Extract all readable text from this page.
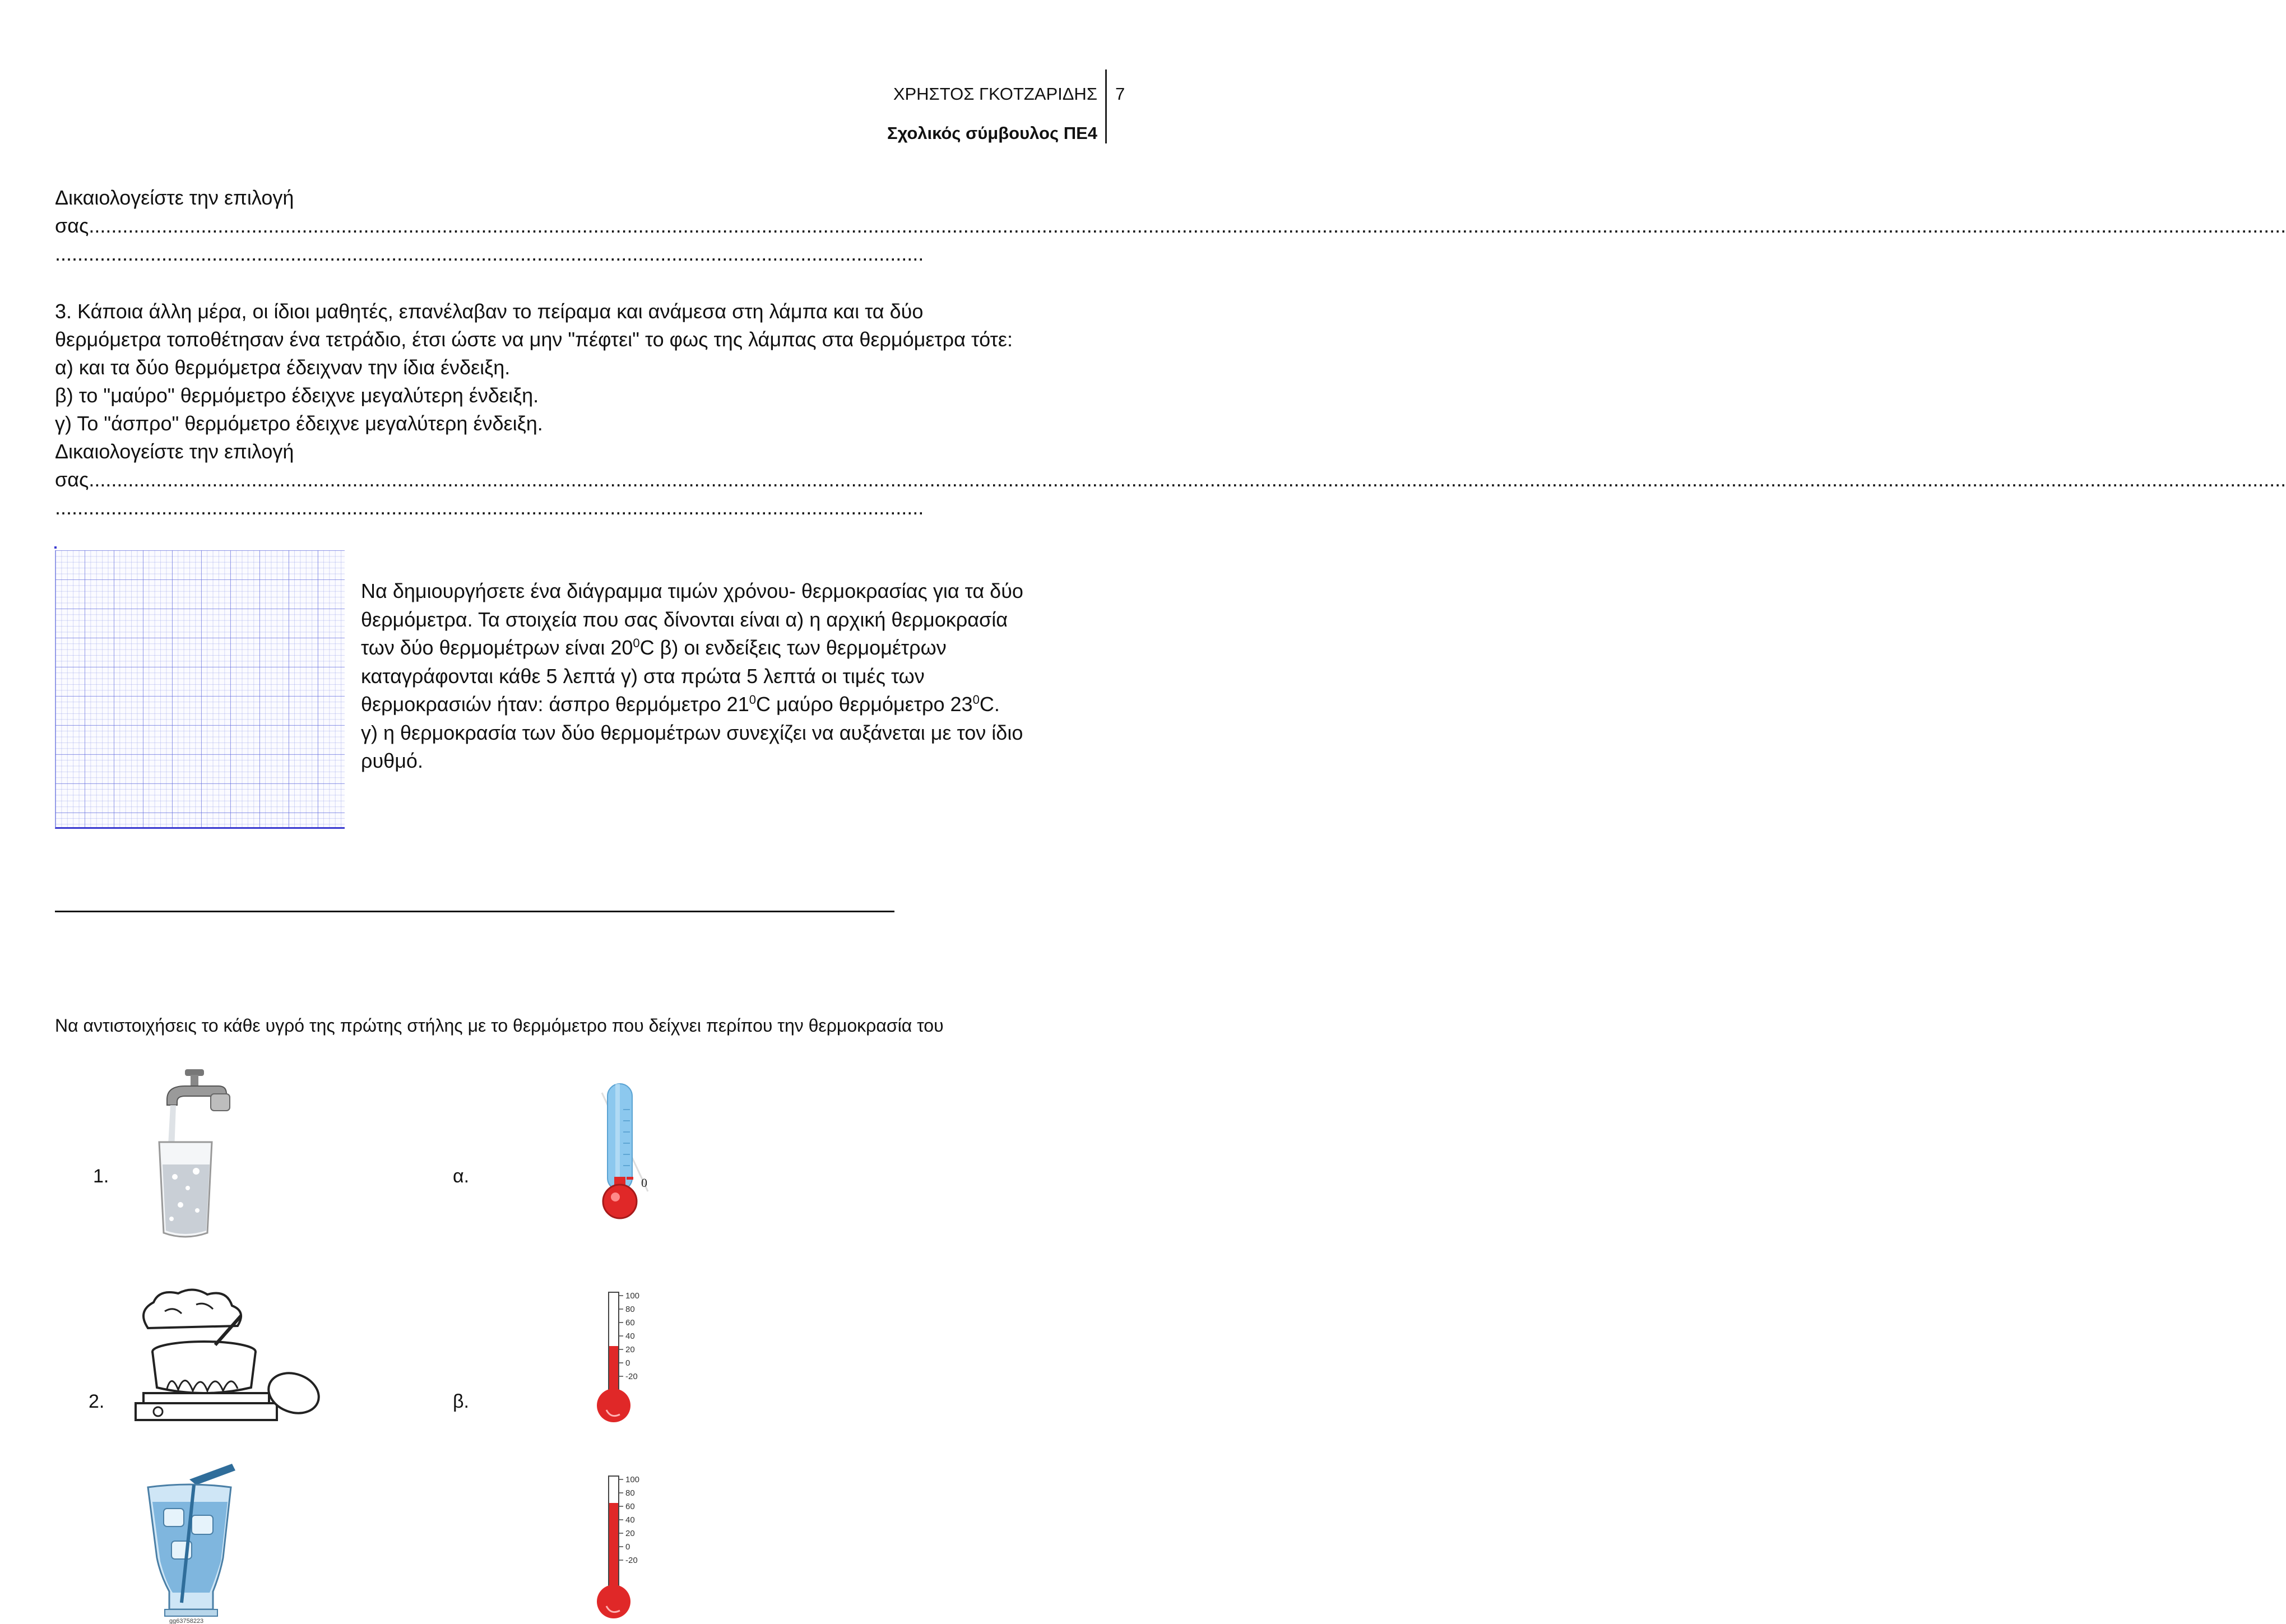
ΧΡΗΣΤΟΣ ΓΚΟΤΖΑΡΙΔΗΣ
Σχολικός σύμβουλος ΠΕ4
7
Δικαιολογείστε την επιλογή
σας ........................................................................................................................................................................................................................................................................................................................................................................................................
...........................................................................................................................................................
3. Κάποια άλλη μέρα, οι ίδιοι μαθητές, επανέλαβαν το πείραμα και ανάμεσα στη λάμπα και τα δύο
θερμόμετρα τοποθέτησαν ένα τετράδιο, έτσι ώστε να μην "πέφτει" το φως της λάμπας στα θερμόμετρα τότε:
α) και τα δύο θερμόμετρα έδειχναν την ίδια ένδειξη.
β) το "μαύρο" θερμόμετρο έδειχνε μεγαλύτερη ένδειξη.
γ) Το "άσπρο" θερμόμετρο έδειχνε μεγαλύτερη ένδειξη.
Δικαιολογείστε την επιλογή
σας ........................................................................................................................................................................................................................................................................................................................................................................................................
...........................................................................................................................................................
Να δημιουργήσετε ένα διάγραμμα τιμών χρόνου- θερμοκρασίας για τα δύο
θερμόμετρα. Τα στοιχεία που σας δίνονται είναι α) η αρχική θερμοκρασία
των δύο θερμομέτρων είναι $20^0C$ β) οι ενδείξεις των θερμομέτρων
καταγράφονται κάθε 5 λεπτά γ) στα πρώτα 5 λεπτά οι τιμές των
θερμοκρασιών ήταν: άσπρο θερμόμετρο $21^0C$ μαύρο θερμόμετρο $23^0C$.
γ) η θερμοκρασία των δύο θερμομέτρων συνεχίζει να αυξάνεται με τον ίδιο
ρυθμό.
Να αντιστοιχήσεις το κάθε υγρό της πρώτης στήλης με το θερμόμετρο που δείχνει περίπου την θερμοκρασία του
1.
2.
α.
β.
gg63758223
0
100
80
60
40
20
0
-20
100
80
60
40
20
0
-20
